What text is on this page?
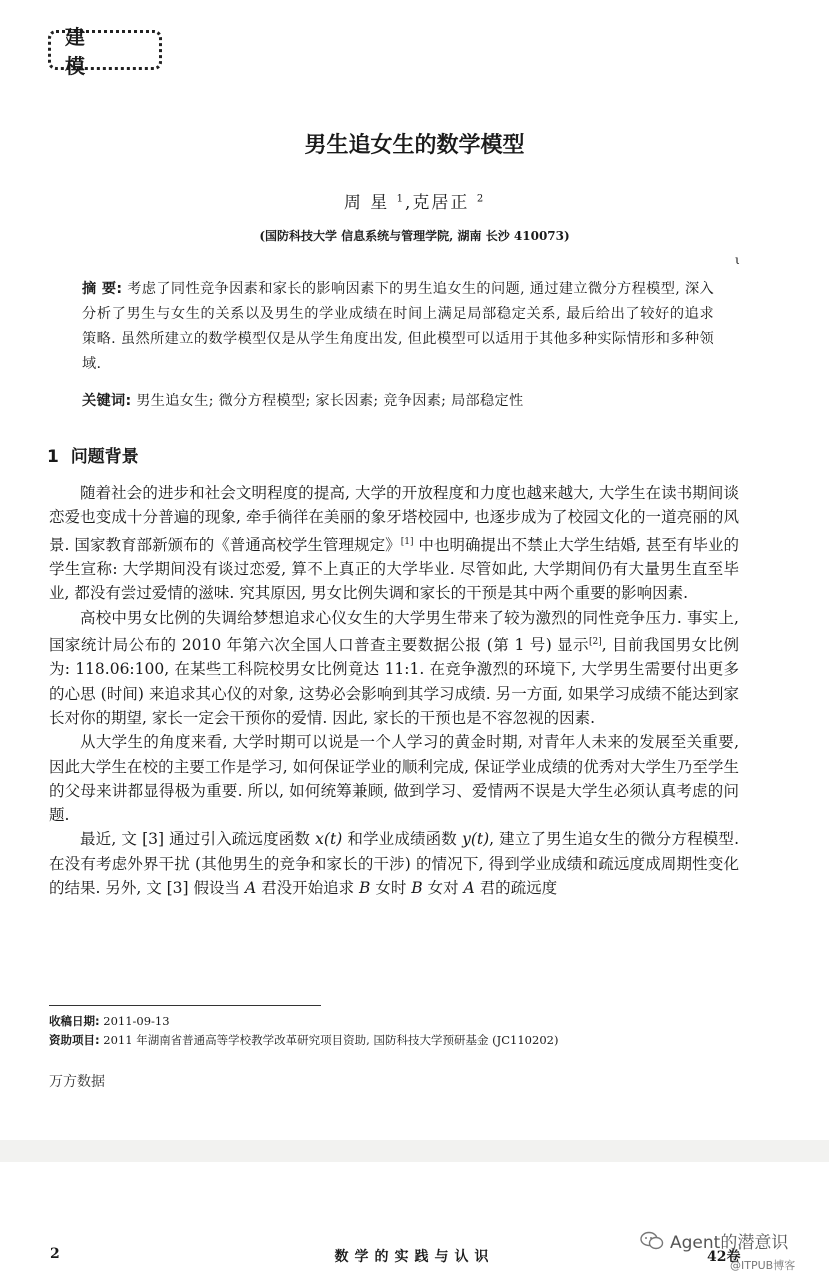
建 模
男生追女生的数学模型
周 星 $^1$,克居正 $^2$
(国防科技大学 信息系统与管理学院, 湖南 长沙 410073)
ι
摘 要: 考虑了同性竞争因素和家长的影响因素下的男生追女生的问题, 通过建立微分方程模型, 深入分析了男生与女生的关系以及男生的学业成绩在时间上满足局部稳定关系, 最后给出了较好的追求策略. 虽然所建立的数学模型仅是从学生角度出发, 但此模型可以适用于其他多种实际情形和多种领域.
关键词: 男生追女生; 微分方程模型; 家长因素; 竞争因素; 局部稳定性
1 问题背景

随着社会的进步和社会文明程度的提高, 大学的开放程度和力度也越来越大, 大学生在读书期间谈恋爱也变成十分普遍的现象, 牵手徜徉在美丽的象牙塔校园中, 也逐步成为了校园文化的一道亮丽的风景. 国家教育部新颁布的《普通高校学生管理规定》[1] 中也明确提出不禁止大学生结婚, 甚至有毕业的学生宣称: 大学期间没有谈过恋爱, 算不上真正的大学毕业. 尽管如此, 大学期间仍有大量男生直至毕业, 都没有尝过爱情的滋味. 究其原因, 男女比例失调和家长的干预是其中两个重要的影响因素.

高校中男女比例的失调给梦想追求心仪女生的大学男生带来了较为激烈的同性竞争压力. 事实上, 国家统计局公布的 2010 年第六次全国人口普查主要数据公报 (第 1 号) 显示[2], 目前我国男女比例为: 118.06:100, 在某些工科院校男女比例竟达 11:1. 在竞争激烈的环境下, 大学男生需要付出更多的心思 (时间) 来追求其心仪的对象, 这势必会影响到其学习成绩. 另一方面, 如果学习成绩不能达到家长对你的期望, 家长一定会干预你的爱情. 因此, 家长的干预也是不容忽视的因素.

从大学生的角度来看, 大学时期可以说是一个人学习的黄金时期, 对青年人未来的发展至关重要, 因此大学生在校的主要工作是学习, 如何保证学业的顺利完成, 保证学业成绩的优秀对大学生乃至学生的父母来讲都显得极为重要. 所以, 如何统筹兼顾, 做到学习、爱情两不误是大学生必须认真考虑的问题.

最近, 文 [3] 通过引入疏远度函数 x(t) 和学业成绩函数 y(t), 建立了男生追女生的微分方程模型. 在没有考虑外界干扰 (其他男生的竞争和家长的干涉) 的情况下, 得到学业成绩和疏远度成周期性变化的结果. 另外, 文 [3] 假设当 A 君没开始追求 B 女时 B 女对 A 君的疏远度

收稿日期: 2011-09-13
资助项目: 2011 年湖南省普通高等学校教学改革研究项目资助, 国防科技大学预研基金 (JC110202)
万方数据
2	数学的实践与认识	42卷
Agent的潜意识
@ITPUB博客
